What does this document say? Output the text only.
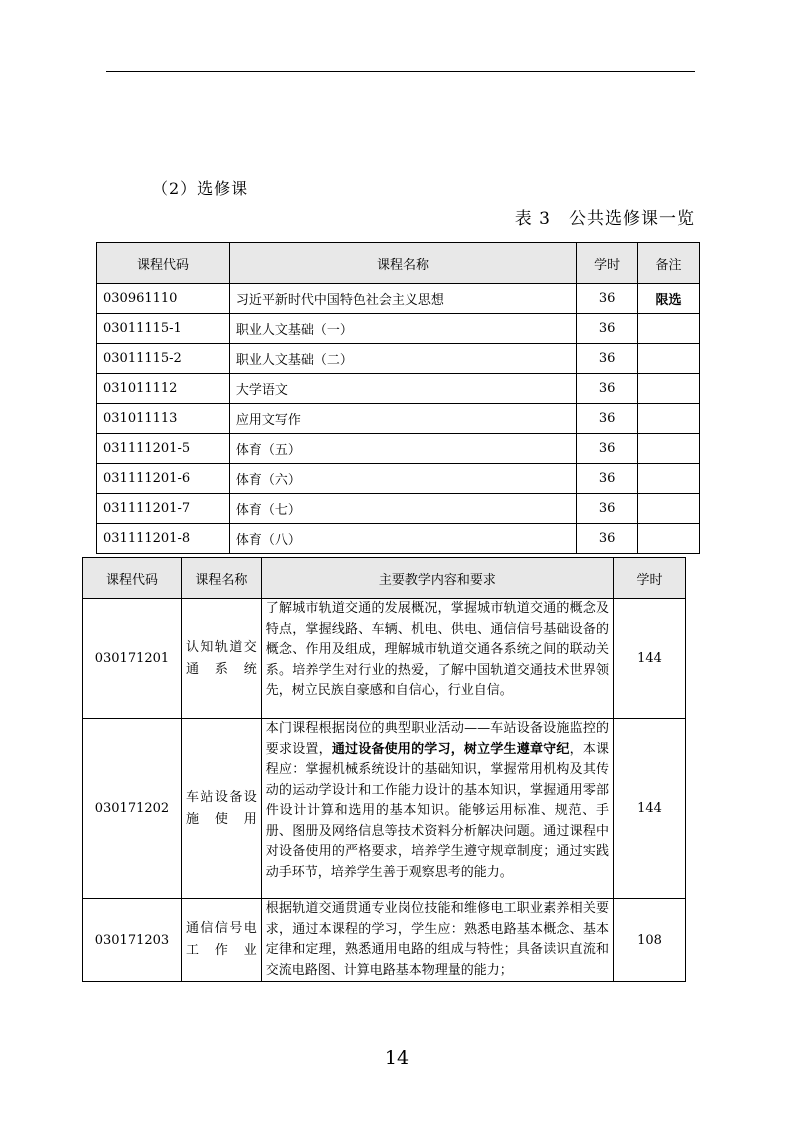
（2）选修课
表 3　公共选修课一览
课程代码	课程名称	学时	备注
030961110	习近平新时代中国特色社会主义思想	36	限选
03011115-1	职业人文基础（一）	36	
03011115-2	职业人文基础（二）	36	
031011112	大学语文	36	
031011113	应用文写作	36	
031111201-5	体育（五）	36	
031111201-6	体育（六）	36	
031111201-7	体育（七）	36	
031111201-8	体育（八）	36	
课程代码	课程名称	主要教学内容和要求	学时
030171201	认知轨道交通系统	了解城市轨道交通的发展概况，掌握城市轨道交通的概念及特点，掌握线路、车辆、机电、供电、通信信号基础设备的概念、作用及组成，理解城市轨道交通各系统之间的联动关系。培养学生对行业的热爱，了解中国轨道交通技术世界领先，树立民族自豪感和自信心，行业自信。	144
030171202	车站设备设施使用	本门课程根据岗位的典型职业活动——车站设备设施监控的要求设置，通过设备使用的学习，树立学生遵章守纪，本课程应：掌握机械系统设计的基础知识，掌握常用机构及其传动的运动学设计和工作能力设计的基本知识，掌握通用零部件设计计算和选用的基本知识。能够运用标准、规范、手册、图册及网络信息等技术资料分析解决问题。通过课程中对设备使用的严格要求，培养学生遵守规章制度；通过实践动手环节，培养学生善于观察思考的能力。	144
030171203	通信信号电工作业	根据轨道交通贯通专业岗位技能和维修电工职业素养相关要求，通过本课程的学习，学生应：熟悉电路基本概念、基本定律和定理，熟悉通用电路的组成与特性；具备读识直流和交流电路图、计算电路基本物理量的能力；	108
14
